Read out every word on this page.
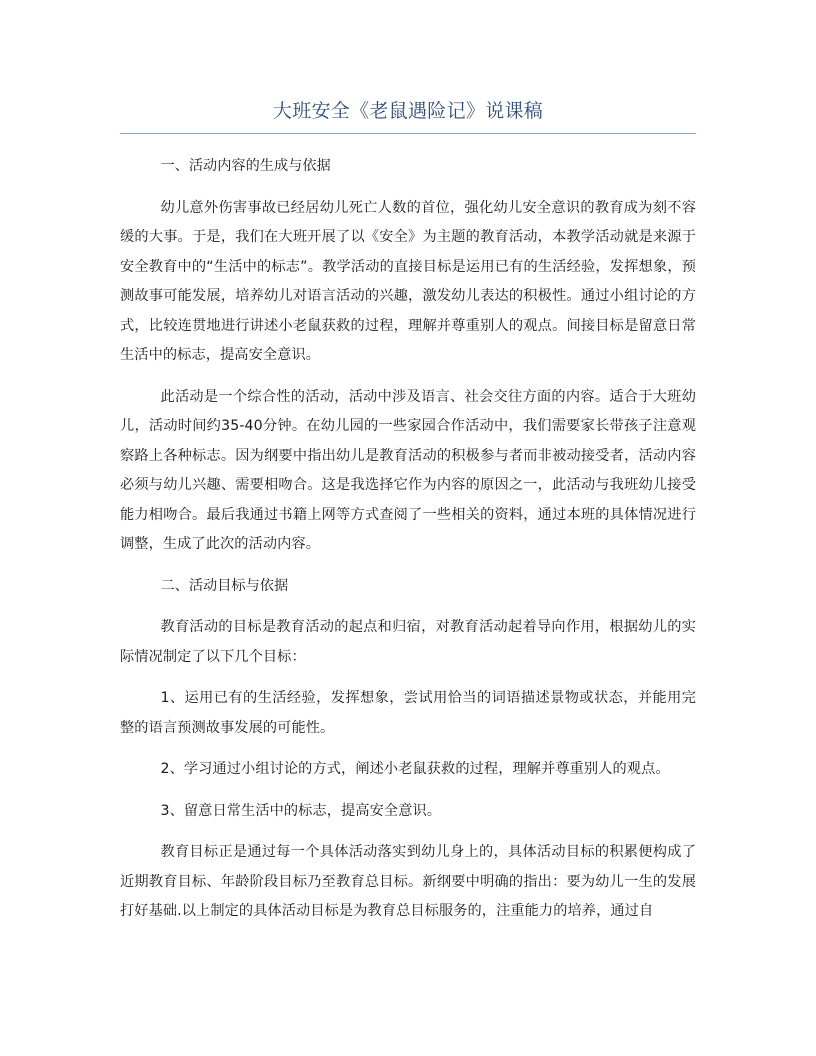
大班安全《老鼠遇险记》说课稿

一、活动内容的生成与依据

幼儿意外伤害事故已经居幼儿死亡人数的首位，强化幼儿安全意识的教育成为刻不容缓的大事。于是，我们在大班开展了以《安全》为主题的教育活动，本教学活动就是来源于安全教育中的“生活中的标志”。教学活动的直接目标是运用已有的生活经验，发挥想象，预测故事可能发展，培养幼儿对语言活动的兴趣，激发幼儿表达的积极性。通过小组讨论的方式，比较连贯地进行讲述小老鼠获救的过程，理解并尊重别人的观点。间接目标是留意日常生活中的标志，提高安全意识。

此活动是一个综合性的活动，活动中涉及语言、社会交往方面的内容。适合于大班幼儿，活动时间约35-40分钟。在幼儿园的一些家园合作活动中，我们需要家长带孩子注意观察路上各种标志。因为纲要中指出幼儿是教育活动的积极参与者而非被动接受者，活动内容必须与幼儿兴趣、需要相吻合。这是我选择它作为内容的原因之一，此活动与我班幼儿接受能力相吻合。最后我通过书籍上网等方式查阅了一些相关的资料，通过本班的具体情况进行调整，生成了此次的活动内容。

二、活动目标与依据

教育活动的目标是教育活动的起点和归宿，对教育活动起着导向作用，根据幼儿的实际情况制定了以下几个目标：

1、运用已有的生活经验，发挥想象，尝试用恰当的词语描述景物或状态，并能用完整的语言预测故事发展的可能性。

2、学习通过小组讨论的方式，阐述小老鼠获救的过程，理解并尊重别人的观点。

3、留意日常生活中的标志，提高安全意识。

教育目标正是通过每一个具体活动落实到幼儿身上的，具体活动目标的积累便构成了近期教育目标、年龄阶段目标乃至教育总目标。新纲要中明确的指出：要为幼儿一生的发展打好基础.以上制定的具体活动目标是为教育总目标服务的，注重能力的培养，通过自
